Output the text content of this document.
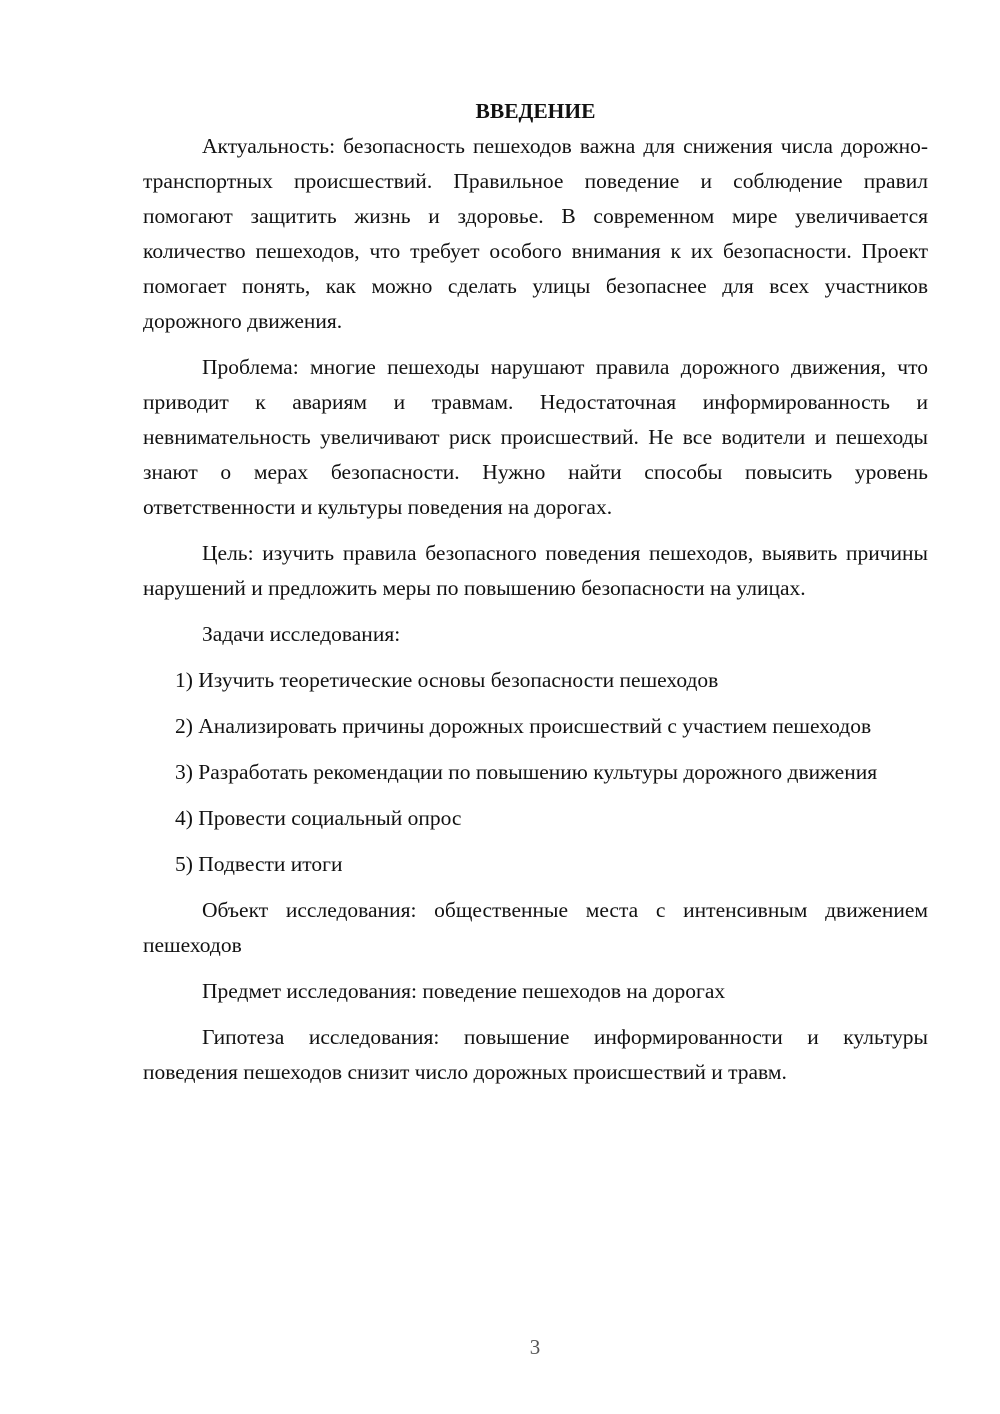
ВВЕДЕНИЕ

Актуальность: безопасность пешеходов важна для снижения числа дорожно-транспортных происшествий. Правильное поведение и соблюдение правил помогают защитить жизнь и здоровье. В современном мире увеличивается количество пешеходов, что требует особого внимания к их безопасности. Проект помогает понять, как можно сделать улицы безопаснее для всех участников дорожного движения.

Проблема: многие пешеходы нарушают правила дорожного движения, что приводит к авариям и травмам. Недостаточная информированность и невнимательность увеличивают риск происшествий. Не все водители и пешеходы знают о мерах безопасности. Нужно найти способы повысить уровень ответственности и культуры поведения на дорогах.

Цель: изучить правила безопасного поведения пешеходов, выявить причины нарушений и предложить меры по повышению безопасности на улицах.

Задачи исследования:

1) Изучить теоретические основы безопасности пешеходов

2) Анализировать причины дорожных происшествий с участием пешеходов

3) Разработать рекомендации по повышению культуры дорожного движения

4) Провести социальный опрос

5) Подвести итоги

Объект исследования: общественные места с интенсивным движением пешеходов

Предмет исследования: поведение пешеходов на дорогах

Гипотеза исследования: повышение информированности и культуры поведения пешеходов снизит число дорожных происшествий и травм.

3
